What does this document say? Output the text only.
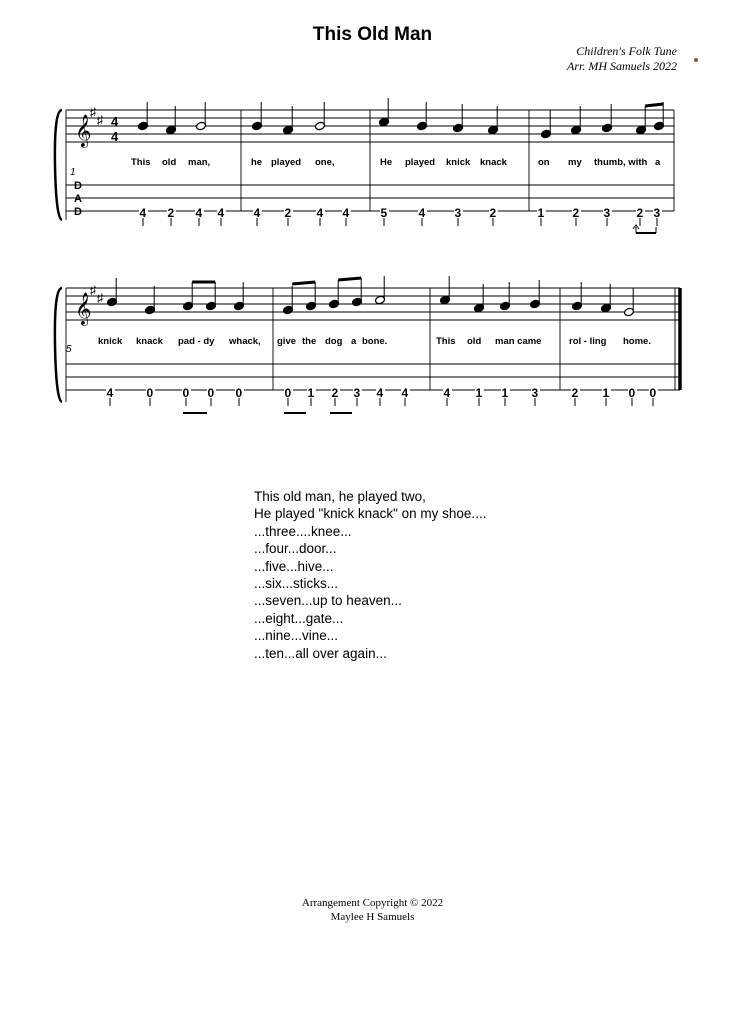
This Old Man
Children's Folk Tune
Arr. MH Samuels 2022
𝄞
♯
♯ 4
4
1
D
A
D
This old man,	he played one,	He played knick knack	on my thumb, with a
4 2 4 4 4 2 4 4	5	4 3 2	1 2 3 2 3
𝄞
♯
♯
5
knick knack pad - dy whack, give the dog a bone.	This old man came	rol - ling home.
4	0 0 0 0	0 1 2 3 4 4	4 1 1 3	2 1 0 0
This old man, he played two,
He played "knick knack" on my shoe....
...three....knee...
...four...door...
...five...hive...
...six...sticks...
...seven...up to heaven...
...eight...gate...
...nine...vine...
...ten...all over again...
Arrangement Copyright © 2022
Maylee H Samuels
